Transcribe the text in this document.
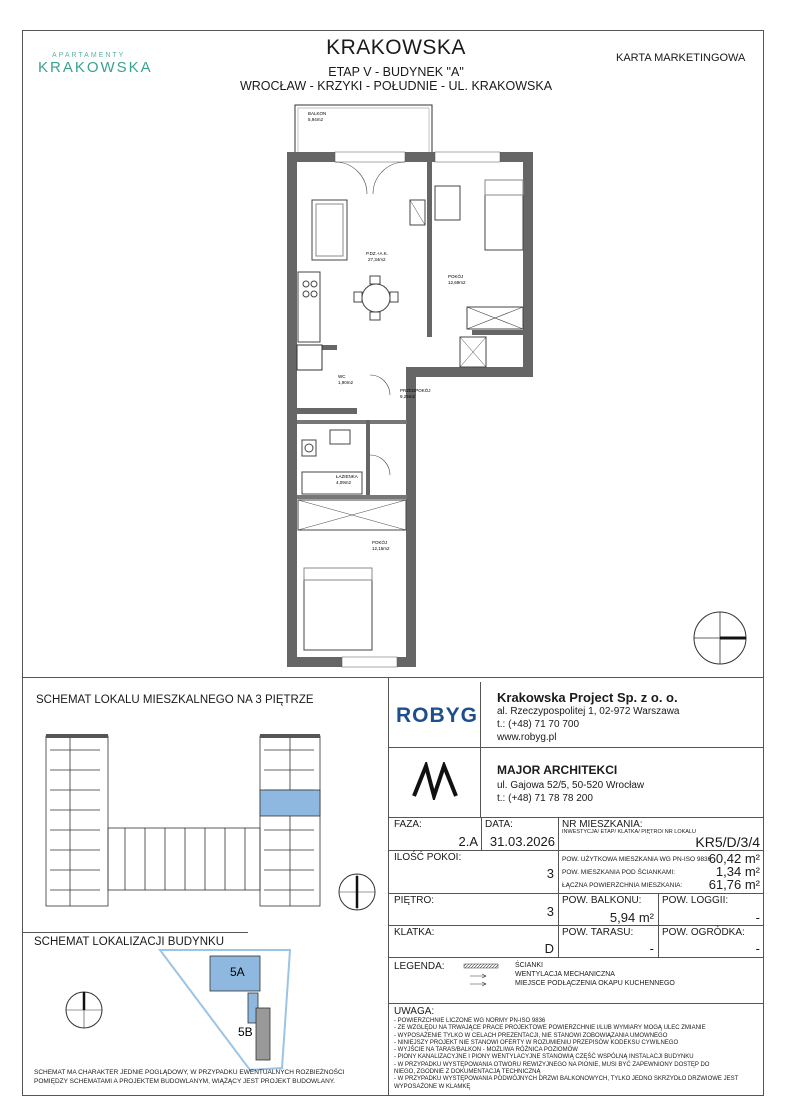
APARTAMENTY
KRAKOWSKA
KRAKOWSKA
ETAP V - BUDYNEK "A"
WROCŁAW - KRZYKI - POŁUDNIE - UL. KRAKOWSKA
KARTA MARKETINGOWA
BALKON
5,94m2
P.DZ.+A.K.
27,34m2
POKÓJ
12,69m2
WC
1,90m2
PRZEDPOKÓJ
9,25m2
ŁAZIENKA
4,09m2
POKÓJ
12,15m2
SCHEMAT LOKALU MIESZKALNEGO NA 3 PIĘTRZE
SCHEMAT LOKALIZACJI BUDYNKU
5A
5B
SCHEMAT MA CHARAKTER JEDNIE POGLĄDOWY, W PRZYPADKU EWENTUALNYCH ROZBIEŻNOŚCI POMIĘDZY SCHEMATAMI A PROJEKTEM BUDOWLANYM, WIĄŻĄCY JEST PROJEKT BUDOWLANY.
ROBYG
Krakowska Project Sp. z o. o.
al. Rzeczypospolitej 1, 02-972 Warszawa
t.: (+48) 71 70 700
www.robyg.pl
MAJOR ARCHITEKCI
ul. Gajowa 52/5, 50-520 Wrocław
t.: (+48) 71 78 78 200
FAZA:
2.A
DATA:
31.03.2026
NR MIESZKANIA:
INWESTYCJA/ ETAP/ KLATKA/ PIĘTRO/ NR LOKALU
KR5/D/3/4
ILOŚĆ POKOI:
3
POW. UŻYTKOWA MIESZKANIA WG PN-ISO 9836:
60,42 m²
POW. MIESZKANIA POD ŚCIANKAMI:	1,34 m²
ŁĄCZNA POWIERZCHNIA MIESZKANIA:	61,76 m²
PIĘTRO:
3
POW. BALKONU:
5,94 m²
POW. LOGGII:
-
KLATKA:
D
POW. TARASU:
-
POW. OGRÓDKA:
-
LEGENDA:	ŚCIANKI
WENTYLACJA MECHANICZNA
MIEJSCE PODŁĄCZENIA OKAPU KUCHENNEGO
UWAGA:
- POWIERZCHNIE LICZONE WG NORMY PN-ISO 9836
- ZE WZGLĘDU NA TRWAJĄCE PRACE PROJEKTOWE POWIERZCHNIE I/LUB WYMIARY MOGĄ ULEC ZMIANIE
- WYPOSAŻENIE TYLKO W CELACH PREZENTACJI, NIE STANOWI ZOBOWIĄZANIA UMOWNEGO
- NINIEJSZY PROJEKT NIE STANOWI OFERTY W ROZUMIENIU PRZEPISÓW KODEKSU CYWILNEGO
- WYJŚCIE NA TARAS/BALKON - MOŻLIWA RÓŻNICA POZIOMÓW
- PIONY KANALIZACYJNE I PIONY WENTYLACYJNE STANOWIĄ CZĘŚĆ WSPÓLNĄ INSTALACJI BUDYNKU
- W PRZYPADKU WYSTĘPOWANIA OTWORU REWIZYJNEGO NA PIONIE, MUSI BYĆ ZAPEWNIONY DOSTĘP DO
NIEGO, ZGODNIE Z DOKUMENTACJĄ TECHNICZNĄ
- W PRZYPADKU WYSTĘPOWANIA PODWÓJNYCH DRZWI BALKONOWYCH, TYLKO JEDNO SKRZYDŁO DRZWIOWE JEST
WYPOSAŻONE W KLAMKĘ
